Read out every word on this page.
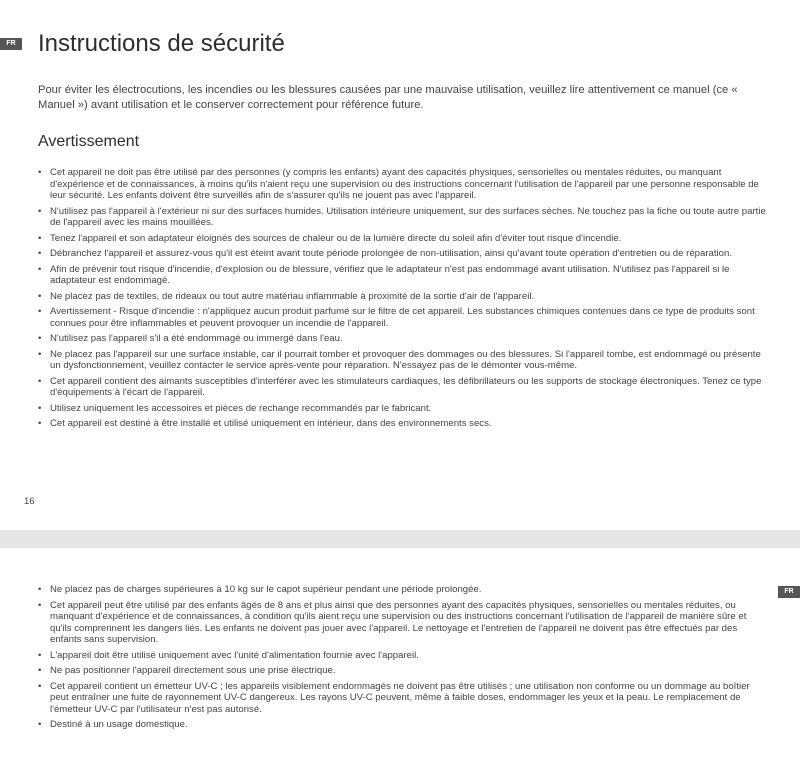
FR Instructions de sécurité

Pour éviter les électrocutions, les incendies ou les blessures causées par une mauvaise utilisation, veuillez lire attentivement ce manuel (ce « Manuel ») avant utilisation et le conserver correctement pour référence future.

Avertissement
• Cet appareil ne doit pas être utilisé par des personnes (y compris les enfants) ayant des capacités physiques, sensorielles ou mentales réduites, ou manquant d'expérience et de connaissances, à moins qu'ils n'aient reçu une supervision ou des instructions concernant l'utilisation de l'appareil par une personne responsable de leur sécurité. Les enfants doivent être surveillés afin de s'assurer qu'ils ne jouent pas avec l'appareil.
• N'utilisez pas l'appareil à l'extérieur ni sur des surfaces humides. Utilisation intérieure uniquement, sur des surfaces sèches. Ne touchez pas la fiche ou toute autre partie de l'appareil avec les mains mouillées.
• Tenez l'appareil et son adaptateur éloignés des sources de chaleur ou de la lumière directe du soleil afin d'éviter tout risque d'incendie.
• Débranchez l'appareil et assurez-vous qu'il est éteint avant toute période prolongée de non-utilisation, ainsi qu'avant toute opération d'entretien ou de réparation.
• Afin de prévenir tout risque d'incendie, d'explosion ou de blessure, vérifiez que le adaptateur n'est pas endommagé avant utilisation. N'utilisez pas l'appareil si le adaptateur est endommagé.
• Ne placez pas de textiles, de rideaux ou tout autre matériau inflammable à proximité de la sortie d'air de l'appareil.
• Avertissement - Risque d'incendie : n'appliquez aucun produit parfumé sur le filtre de cet appareil. Les substances chimiques contenues dans ce type de produits sont connues pour être inflammables et peuvent provoquer un incendie de l'appareil.
• N'utilisez pas l'appareil s'il a été endommagé ou immergé dans l'eau.
• Ne placez pas l'appareil sur une surface instable, car il pourrait tomber et provoquer des dommages ou des blessures. Si l'appareil tombe, est endommagé ou présente un dysfonctionnement, veuillez contacter le service après-vente pour réparation. N'essayez pas de le démonter vous-même.
• Cet appareil contient des aimants susceptibles d'interférer avec les stimulateurs cardiaques, les défibrillateurs ou les supports de stockage électroniques. Tenez ce type d'équipements à l'écart de l'appareil.
• Utilisez uniquement les accessoires et pièces de rechange recommandés par le fabricant.
• Cet appareil est destiné à être installé et utilisé uniquement en intérieur, dans des environnements secs.
16
FR
• Ne placez pas de charges supérieures à 10 kg sur le capot supérieur pendant une période prolongée.
• Cet appareil peut être utilisé par des enfants âgés de 8 ans et plus ainsi que des personnes ayant des capacités physiques, sensorielles ou mentales réduites, ou manquant d'expérience et de connaissances, à condition qu'ils aient reçu une supervision ou des instructions concernant l'utilisation de l'appareil de manière sûre et qu'ils comprennent les dangers liés. Les enfants ne doivent pas jouer avec l'appareil. Le nettoyage et l'entretien de l'appareil ne doivent pas être effectués par des enfants sans supervision.
• L'appareil doit être utilisé uniquement avec l'unité d'alimentation fournie avec l'appareil.
• Ne pas positionner l'appareil directement sous une prise électrique.
• Cet appareil contient un émetteur UV-C ; les appareils visiblement endommagés ne doivent pas être utilisés ; une utilisation non conforme ou un dommage au boîtier peut entraîner une fuite de rayonnement UV-C dangereux. Les rayons UV-C peuvent, même à faible doses, endommager les yeux et la peau. Le remplacement de l'émetteur UV-C par l'utilisateur n'est pas autorisé.
• Destiné à un usage domestique.
